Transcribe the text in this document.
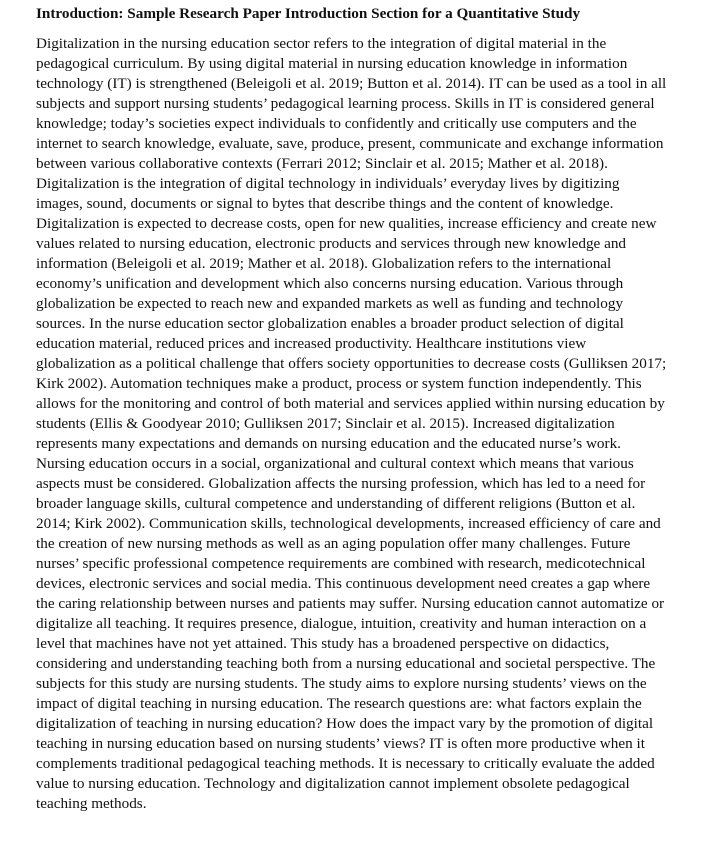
Introduction: Sample Research Paper Introduction Section for a Quantitative Study

Digitalization in the nursing education sector refers to the integration of digital material in the pedagogical curriculum. By using digital material in nursing education knowledge in information technology (IT) is strengthened (Beleigoli et al. 2019; Button et al. 2014). IT can be used as a tool in all subjects and support nursing students’ pedagogical learning process. Skills in IT is considered general knowledge; today’s societies expect individuals to confidently and critically use computers and the internet to search knowledge, evaluate, save, produce, present, communicate and exchange information between various collaborative contexts (Ferrari 2012; Sinclair et al. 2015; Mather et al. 2018). Digitalization is the integration of digital technology in individuals’ everyday lives by digitizing images, sound, documents or signal to bytes that describe things and the content of knowledge. Digitalization is expected to decrease costs, open for new qualities, increase efficiency and create new values related to nursing education, electronic products and services through new knowledge and information (Beleigoli et al. 2019; Mather et al. 2018). Globalization refers to the international economy’s unification and development which also concerns nursing education. Various through globalization be expected to reach new and expanded markets as well as funding and technology sources. In the nurse education sector globalization enables a broader product selection of digital education material, reduced prices and increased productivity. Healthcare institutions view globalization as a political challenge that offers society opportunities to decrease costs (Gulliksen 2017; Kirk 2002). Automation techniques make a product, process or system function independently. This allows for the monitoring and control of both material and services applied within nursing education by students (Ellis & Goodyear 2010; Gulliksen 2017; Sinclair et al. 2015). Increased digitalization represents many expectations and demands on nursing education and the educated nurse’s work. Nursing education occurs in a social, organizational and cultural context which means that various aspects must be considered. Globalization affects the nursing profession, which has led to a need for broader language skills, cultural competence and understanding of different religions (Button et al. 2014; Kirk 2002). Communication skills, technological developments, increased efficiency of care and the creation of new nursing methods as well as an aging population offer many challenges. Future nurses’ specific professional competence requirements are combined with research, medicotechnical devices, electronic services and social media. This continuous development need creates a gap where the caring relationship between nurses and patients may suffer. Nursing education cannot automatize or digitalize all teaching. It requires presence, dialogue, intuition, creativity and human interaction on a level that machines have not yet attained. This study has a broadened perspective on didactics, considering and understanding teaching both from a nursing educational and societal perspective. The subjects for this study are nursing students. The study aims to explore nursing students’ views on the impact of digital teaching in nursing education. The research questions are: what factors explain the digitalization of teaching in nursing education? How does the impact vary by the promotion of digital teaching in nursing education based on nursing students’ views? IT is often more productive when it complements traditional pedagogical teaching methods. It is necessary to critically evaluate the added value to nursing education. Technology and digitalization cannot implement obsolete pedagogical teaching methods.
